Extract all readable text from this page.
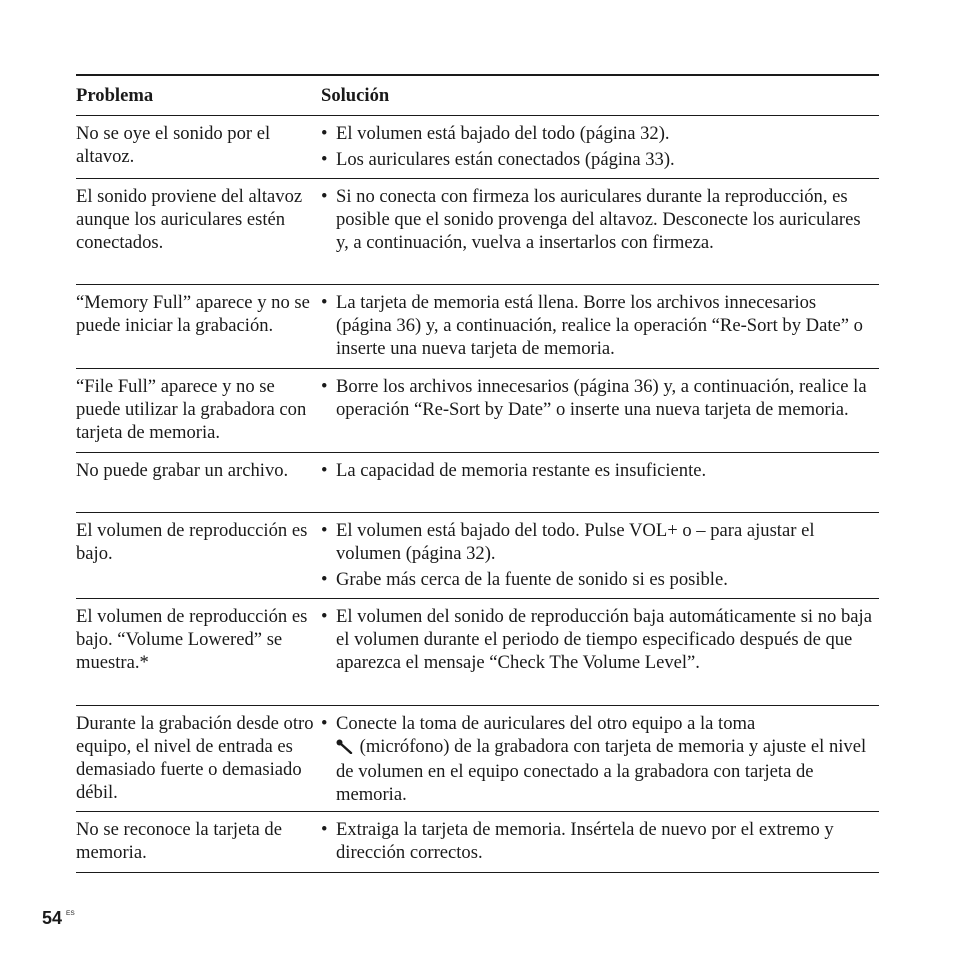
Problema	Solución
No se oye el sonido por el altavoz.
• El volumen está bajado del todo (página 32).
• Los auriculares están conectados (página 33).
El sonido proviene del altavoz aunque los auriculares estén conectados.
• Si no conecta con firmeza los auriculares durante la reproducción, es posible que el sonido provenga del altavoz. Desconecte los auriculares y, a continuación, vuelva a insertarlos con firmeza.
“Memory Full” aparece y no se puede iniciar la grabación.
• La tarjeta de memoria está llena. Borre los archivos innecesarios (página 36) y, a continuación, realice la operación “Re-Sort by Date” o inserte una nueva tarjeta de memoria.
“File Full” aparece y no se puede utilizar la grabadora con tarjeta de memoria.
• Borre los archivos innecesarios (página 36) y, a continuación, realice la operación “Re-Sort by Date” o inserte una nueva tarjeta de memoria.
No puede grabar un archivo.	• La capacidad de memoria restante es insuficiente.
El volumen de reproducción es bajo.
• El volumen está bajado del todo. Pulse VOL+ o – para ajustar el volumen (página 32).
• Grabe más cerca de la fuente de sonido si es posible.
El volumen de reproducción es bajo. “Volume Lowered” se muestra.*
• El volumen del sonido de reproducción baja automáticamente si no baja el volumen durante el periodo de tiempo especificado después de que aparezca el mensaje “Check The Volume Level”.
Durante la grabación desde otro equipo, el nivel de entrada es demasiado fuerte o demasiado débil.
• Conecte la toma de auriculares del otro equipo a la toma
(micrófono) de la grabadora con tarjeta de memoria y ajuste el nivel de volumen en el equipo conectado a la grabadora con tarjeta de memoria.
No se reconoce la tarjeta de memoria.
• Extraiga la tarjeta de memoria. Insértela de nuevo por el extremo y dirección correctos.
54 ES
